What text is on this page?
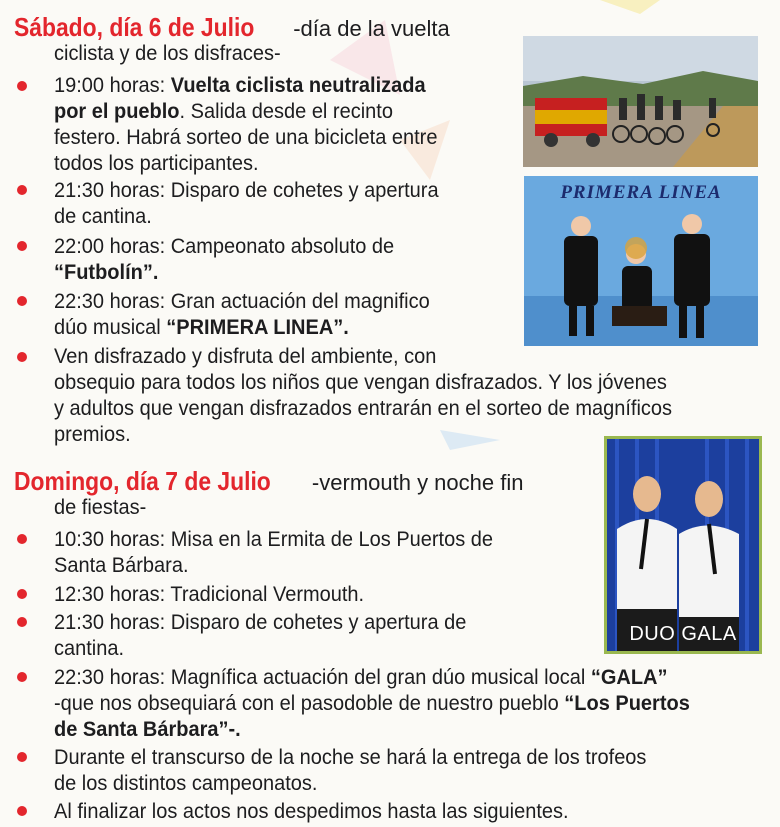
Sábado, día 6 de Julio -día de la vuelta
ciclista y de los disfraces-
19:00 horas: Vuelta ciclista neutralizada
por el pueblo. Salida desde el recinto
festero. Habrá sorteo de una bicicleta entre
todos los participantes.
21:30 horas: Disparo de cohetes y apertura
de cantina.
22:00 horas: Campeonato absoluto de
“Futbolín”.
22:30 horas: Gran actuación del magnifico
dúo musical “PRIMERA LINEA”.
Ven disfrazado y disfruta del ambiente, con
obsequio para todos los niños que vengan disfrazados. Y los jóvenes
y adultos que vengan disfrazados entrarán en el sorteo de magníficos
premios.
PRIMERA LINEA
Domingo, día 7 de Julio -vermouth y noche fin
de fiestas-
10:30 horas: Misa en la Ermita de Los Puertos de
Santa Bárbara.
12:30 horas: Tradicional Vermouth.
21:30 horas: Disparo de cohetes y apertura de
cantina.
22:30 horas: Magnífica actuación del gran dúo musical local “GALA”
-que nos obsequiará con el pasodoble de nuestro pueblo “Los Puertos
de Santa Bárbara”-.
Durante el transcurso de la noche se hará la entrega de los trofeos
de los distintos campeonatos.
Al finalizar los actos nos despedimos hasta las siguientes.
DUO GALA
